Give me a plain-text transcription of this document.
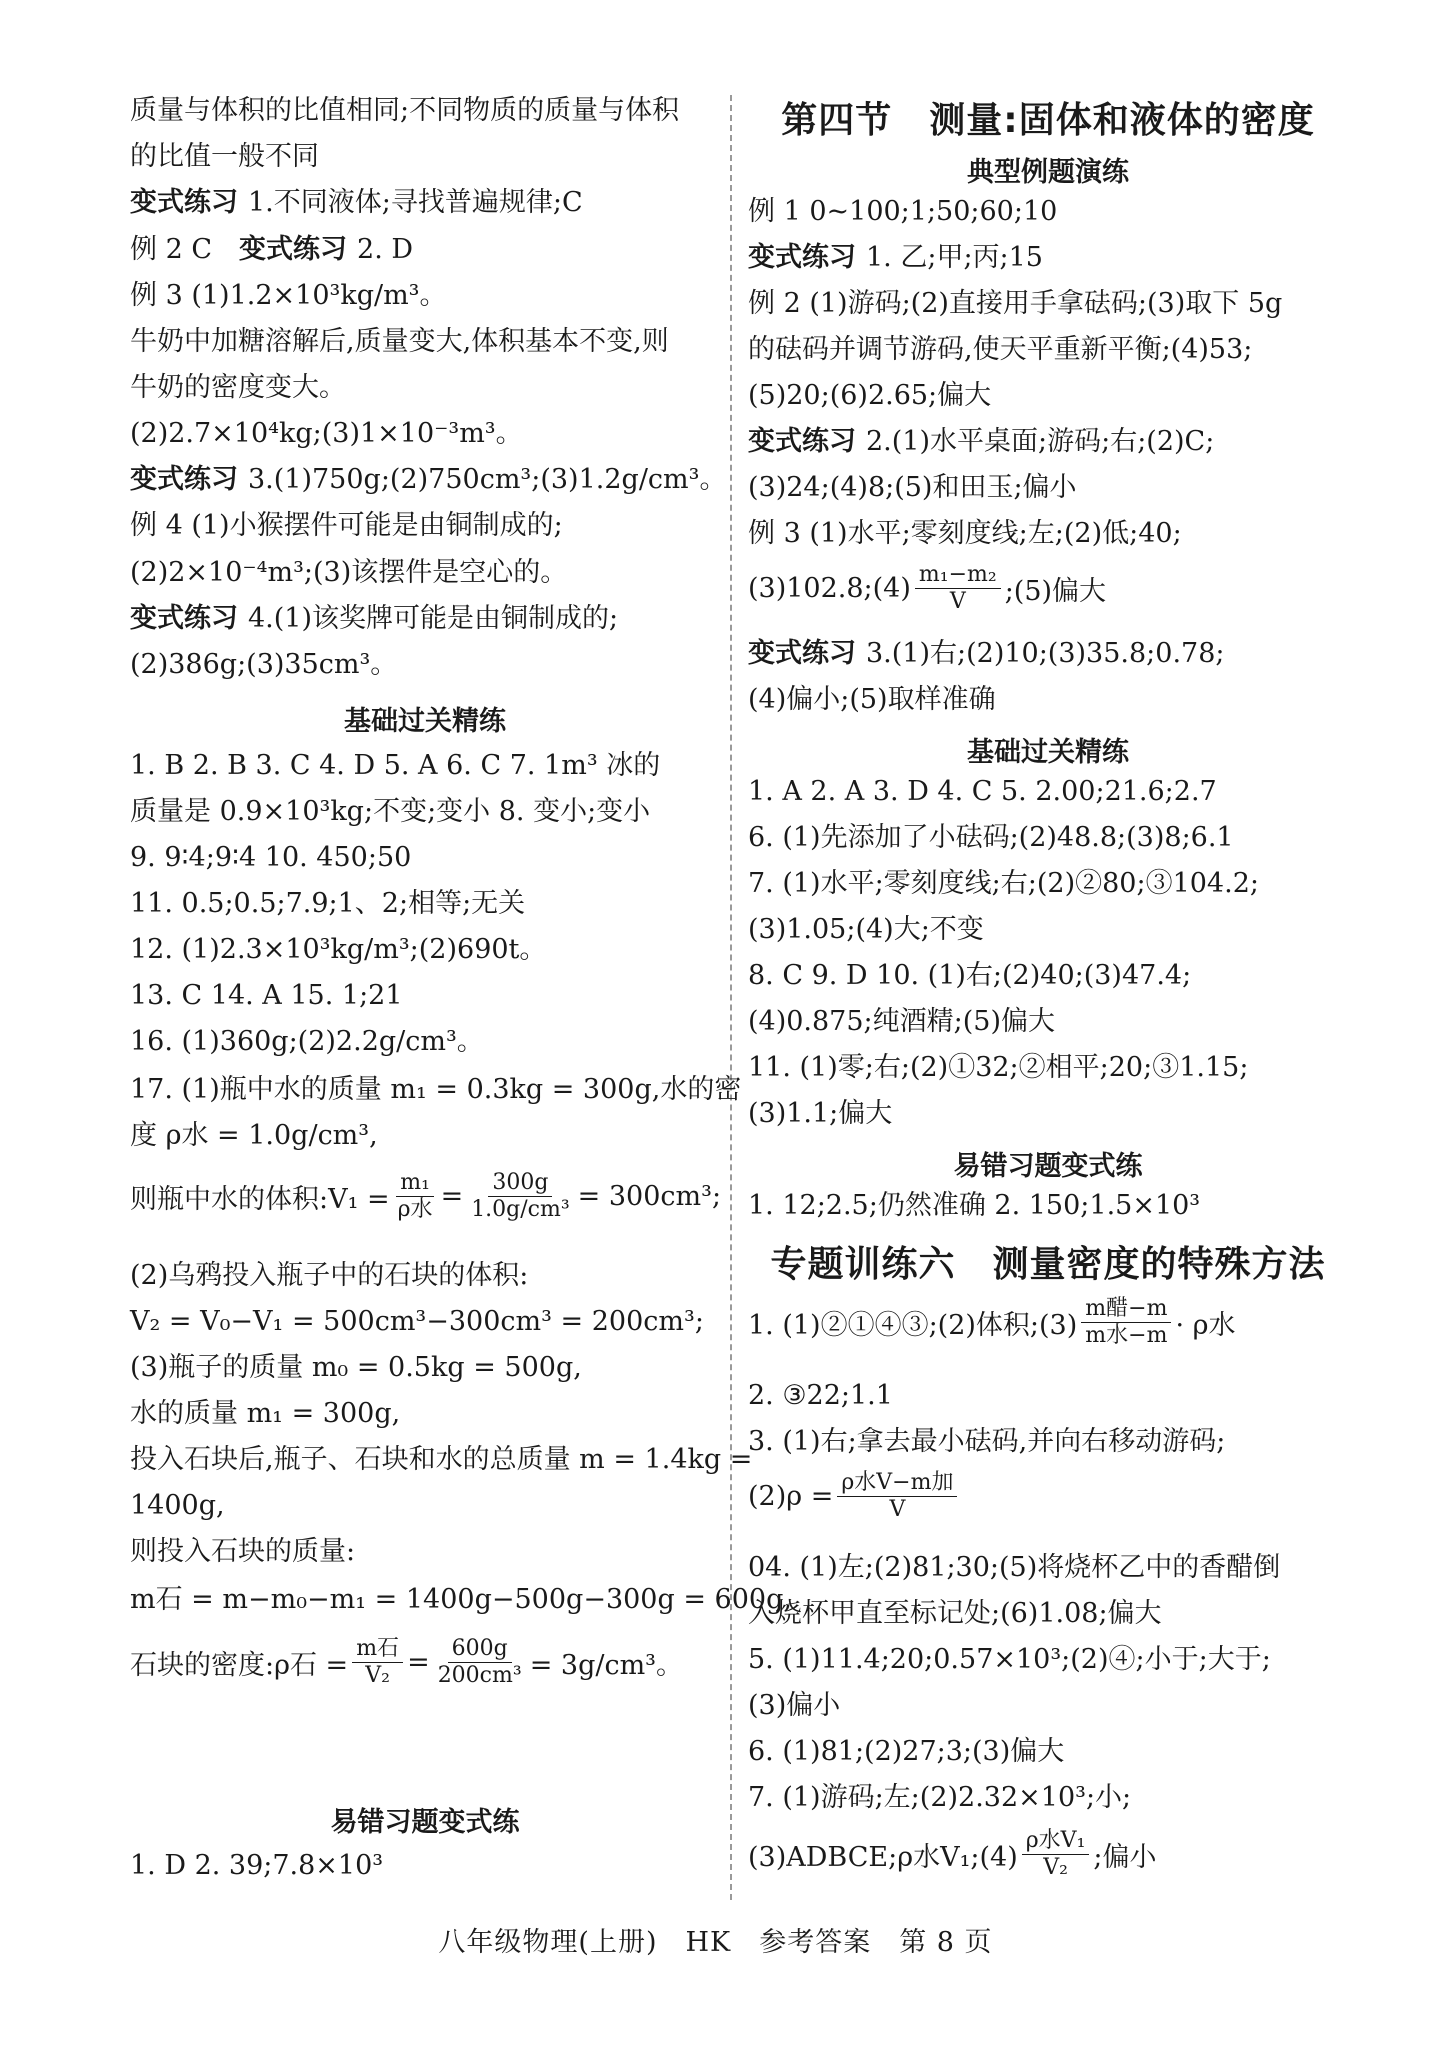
质量与体积的比值相同;不同物质的质量与体积
的比值一般不同
变式练习 1.不同液体;寻找普遍规律;C
例 2 C　 变式练习 2. D
例 3 (1)1.2×10³kg/m³。
牛奶中加糖溶解后,质量变大,体积基本不变,则
牛奶的密度变大。
(2)2.7×10⁴kg;(3)1×10⁻³m³。
变式练习 3.(1)750g;(2)750cm³;(3)1.2g/cm³。
例 4 (1)小猴摆件可能是由铜制成的;
(2)2×10⁻⁴m³;(3)该摆件是空心的。
变式练习 4.(1)该奖牌可能是由铜制成的;
(2)386g;(3)35cm³。
基础过关精练
1. B 2. B 3. C 4. D 5. A 6. C 7. 1m³ 冰的
质量是 0.9×10³kg;不变;变小 8. 变小;变小
9. 9∶4;9∶4 10. 450;50
11. 0.5;0.5;7.9;1、2;相等;无关
12. (1)2.3×10³kg/m³;(2)690t。
13. C 14. A 15. 1;21
16. (1)360g;(2)2.2g/cm³。
17. (1)瓶中水的质量 m₁ = 0.3kg = 300g,水的密
度 ρ水 = 1.0g/cm³,
则瓶中水的体积:V₁ = $\frac{\text{m₁}}{\text{ρ水}} = \frac{300g}{\text{1.0g/cm³}} = 300cm^3$;
(2)乌鸦投入瓶子中的石块的体积:
V₂ = V₀−V₁ = 500cm³−300cm³ = 200cm³;
(3)瓶子的质量 m₀ = 0.5kg = 500g,
水的质量 m₁ = 300g,
投入石块后,瓶子、石块和水的总质量 m = 1.4kg =
1400g,
则投入石块的质量:
m石 = m−m₀−m₁ = 1400g−500g−300g = 600g,
石块的密度:ρ石 = $\frac{\text{m石}}{\text{V₂}} = \frac{600g}{\text{200cm³}} = 3g/cm^3$。
易错习题变式练
1. D 2. 39;7.8×10³
第四节　测量:固体和液体的密度
典型例题演练
例 1 0~100;1;50;60;10
变式练习 1. 乙;甲;丙;15
例 2 (1)游码;(2)直接用手拿砝码;(3)取下 5g
的砝码并调节游码,使天平重新平衡;(4)53;
(5)20;(6)2.65;偏大
变式练习 2.(1)水平桌面;游码;右;(2)C;
(3)24;(4)8;(5)和田玉;偏小
例 3 (1)水平;零刻度线;左;(2)低;40;
(3)102.8;(4) $\frac{\text{m₁−m₂}}{V}$ ;(5)偏大
变式练习 3.(1)右;(2)10;(3)35.8;0.78;
(4)偏小;(5)取样准确
基础过关精练
1. A 2. A 3. D 4. C 5. 2.00;21.6;2.7
6. (1)先添加了小砝码;(2)48.8;(3)8;6.1
7. (1)水平;零刻度线;右;(2)②80;③104.2;
(3)1.05;(4)大;不变
8. C 9. D 10. (1)右;(2)40;(3)47.4;
(4)0.875;纯酒精;(5)偏大
11. (1)零;右;(2)①32;②相平;20;③1.15;
(3)1.1;偏大
易错习题变式练
1. 12;2.5;仍然准确 2. 150;1.5×10³
专题训练六　测量密度的特殊方法
1. (1)②①④③;(2)体积;(3) $\frac{\text{m醋−m}}{\text{m水−m}} \cdot \rho$水
2. ③22;1.1
3. (1)右;拿去最小砝码,并向右移动游码;
$(2)\rho = \frac{\text{ρ水V−m加}}{V}$
04. (1)左;(2)81;30;(5)将烧杯乙中的香醋倒
入烧杯甲直至标记处;(6)1.08;偏大
5. (1)11.4;20;0.57×10³;(2)④;小于;大于;
(3)偏小
6. (1)81;(2)27;3;(3)偏大
7. (1)游码;左;(2)2.32×10³;小;
(3)ADBCE;ρ水V₁;(4) $\frac{\text{ρ水V₁}}{\text{V₂}}$ ;偏小
八年级物理(上册)　HK　参考答案　第 8 页
